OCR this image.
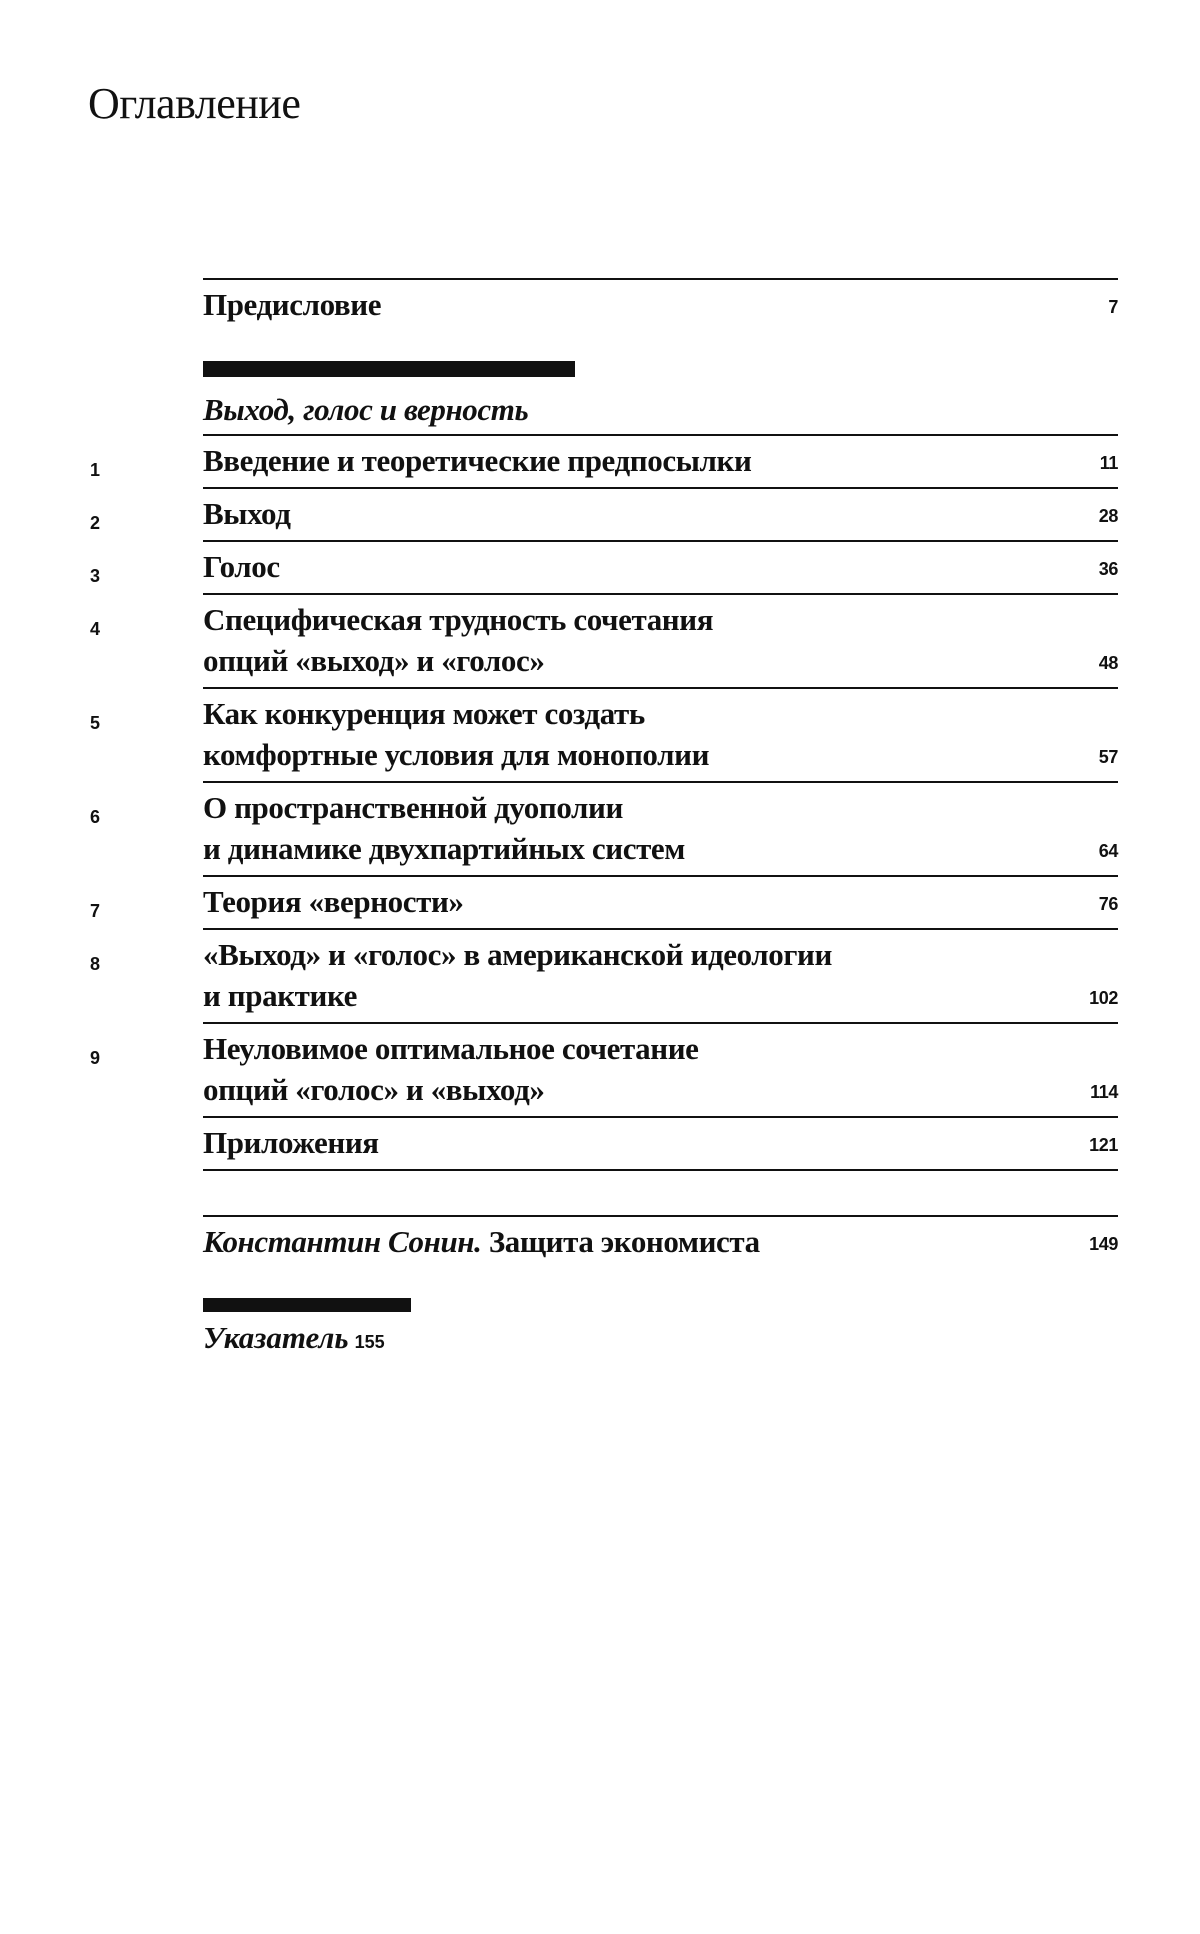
Оглавление
Предисловие	7
Выход, голос и верность
1	Введение и теоретические предпосылки	11
2	Выход	28
3	Голос	36
4	Специфическая трудность сочетания
опций «выход» и «голос»	48
5	Как конкуренция может создать
комфортные условия для монополии	57
6	О пространственной дуополии
и динамике двухпартийных систем	64
7	Теория «верности»	76
8	«Выход» и «голос» в американской идеологии
и практике	102
9	Неуловимое оптимальное сочетание
опций «голос» и «выход»	114
Приложения	121
Константин Сонин. Защита экономиста	149
Указатель 155
